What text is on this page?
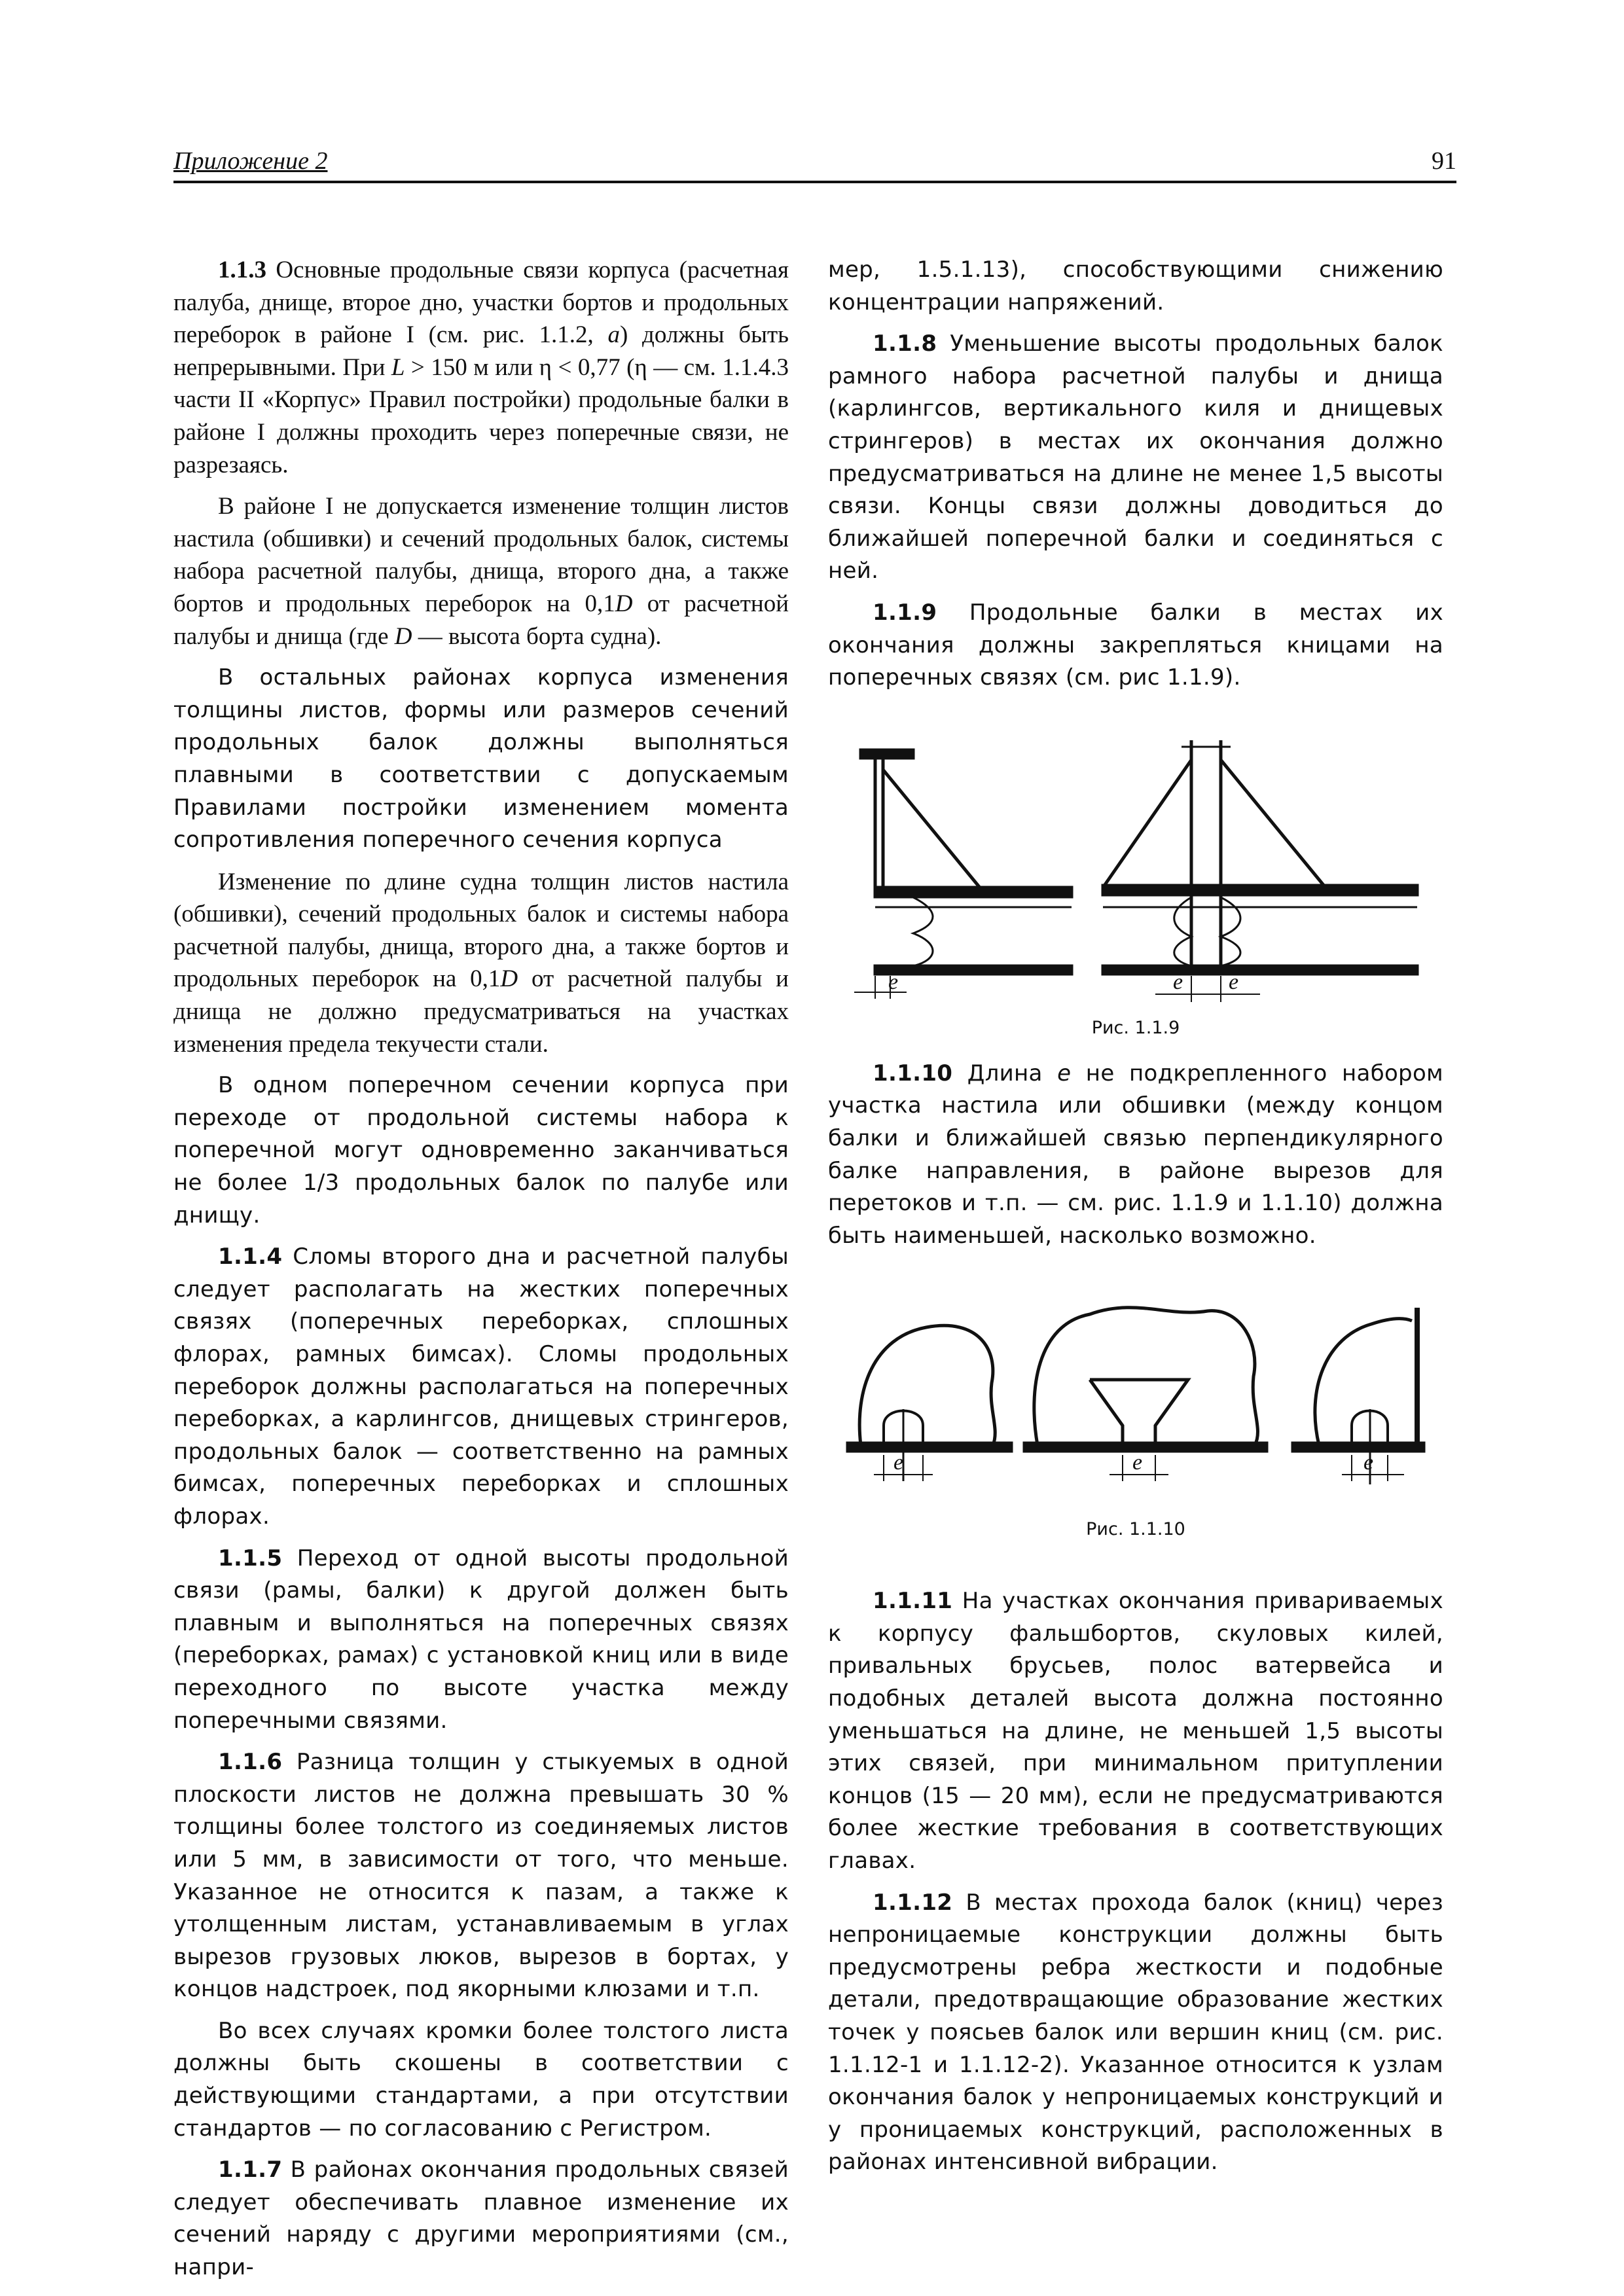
Приложение 2	91

1.1.3 Основные продольные связи корпуса (расчетная палуба, днище, второе дно, участки бортов и продольных переборок в районе I (см. рис. 1.1.2, а) должны быть непрерывными. При L > 150 м или η < 0,77 (η — см. 1.1.4.3 части II «Корпус» Правил постройки) продольные балки в районе I должны проходить через поперечные связи, не разрезаясь.

В районе I не допускается изменение толщин листов настила (обшивки) и сечений продольных балок, системы набора расчетной палубы, днища, второго дна, а также бортов и продольных переборок на 0,1D от расчетной палубы и днища (где D — высота борта судна).

В остальных районах корпуса изменения толщины листов, формы или размеров сечений продольных балок должны выполняться плавными в соответствии с допускаемым Правилами постройки изменением момента сопротивления поперечного сечения корпуса

Изменение по длине судна толщин листов настила (обшивки), сечений продольных балок и системы набора расчетной палубы, днища, второго дна, а также бортов и продольных переборок на 0,1D от расчетной палубы и днища не должно предусматриваться на участках изменения предела текучести стали.

В одном поперечном сечении корпуса при переходе от продольной системы набора к поперечной могут одновременно заканчиваться не более 1/3 продольных балок по палубе или днищу.

1.1.4 Сломы второго дна и расчетной палубы следует располагать на жестких поперечных связях (поперечных переборках, сплошных флорах, рамных бимсах). Сломы продольных переборок должны располагаться на поперечных переборках, а карлингсов, днищевых стрингеров, продольных балок — соответственно на рамных бимсах, поперечных переборках и сплошных флорах.

1.1.5 Переход от одной высоты продольной связи (рамы, балки) к другой должен быть плавным и выполняться на поперечных связях (переборках, рамах) с установкой книц или в виде переходного по высоте участка между поперечными связями.

1.1.6 Разница толщин у стыкуемых в одной плоскости листов не должна превышать 30 % толщины более толстого из соединяемых листов или 5 мм, в зависимости от того, что меньше. Указанное не относится к пазам, а также к утолщенным листам, устанавливаемым в углах вырезов грузовых люков, вырезов в бортах, у концов надстроек, под якорными клюзами и т.п.

Во всех случаях кромки более толстого листа должны быть скошены в соответствии с действующими стандартами, а при отсутствии стандартов — по согласованию с Регистром.

1.1.7 В районах окончания продольных связей следует обеспечивать плавное изменение их сечений наряду с другими мероприятиями (см., напри-

мер, 1.5.1.13), способствующими снижению концентрации напряжений.

1.1.8 Уменьшение высоты продольных балок рамного набора расчетной палубы и днища (карлингсов, вертикального киля и днищевых стрингеров) в местах их окончания должно предусматриваться на длине не менее 1,5 высоты связи. Концы связи должны доводиться до ближайшей поперечной балки и соединяться с ней.

1.1.9 Продольные балки в местах их окончания должны закрепляться кницами на поперечных связях (см. рис 1.1.9).

e	e e
Рис. 1.1.9

1.1.10 Длина e не подкрепленного набором участка настила или обшивки (между концом балки и ближайшей связью перпендикулярного балке направления, в районе вырезов для перетоков и т.п. — см. рис. 1.1.9 и 1.1.10) должна быть наименьшей, насколько возможно.

e	e	e
Рис. 1.1.10

1.1.11 На участках окончания привариваемых к корпусу фальшбортов, скуловых килей, привальных брусьев, полос ватервейса и подобных деталей высота должна постоянно уменьшаться на длине, не меньшей 1,5 высоты этих связей, при минимальном притуплении концов (15 — 20 мм), если не предусматриваются более жесткие требования в соответствующих главах.

1.1.12 В местах прохода балок (книц) через непроницаемые конструкции должны быть предусмотрены ребра жесткости и подобные детали, предотвращающие образование жестких точек у поясьев балок или вершин книц (см. рис. 1.1.12-1 и 1.1.12-2). Указанное относится к узлам окончания балок у непроницаемых конструкций и у проницаемых конструкций, расположенных в районах интенсивной вибрации.
